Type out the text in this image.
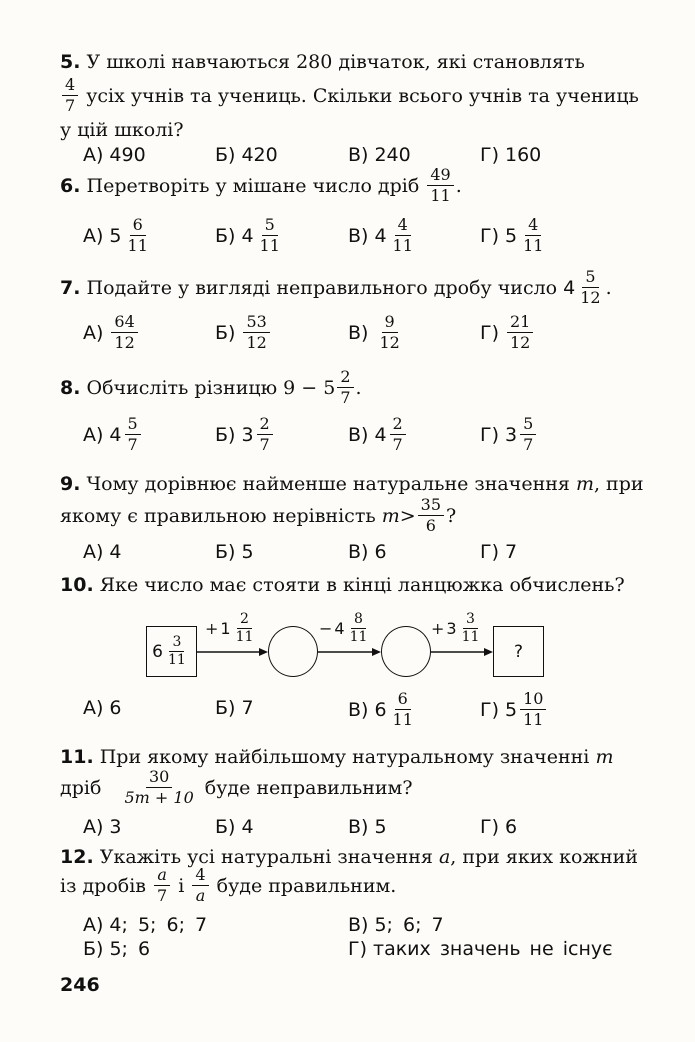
5. У школі навчаються 280 дівчаток, які становлять
$\frac{4}{7}$ усіх учнів та учениць. Скільки всього учнів та учениць
у цій школі?
А) 490	Б) 420	В) 240	Г) 160
6.
Перетворіть у мішане число дріб
$\frac{49}{11}$ .
А) $5 \frac{6}{11}$	Б) $4 \frac{5}{11}$	В) $4 \frac{4}{11}$	Г) $5 \frac{4}{11}$
7.
Подайте у вигляді неправильного дробу число
$4 \frac{5}{12}$ .
$А) \frac{64}{12}$	$Б) \frac{53}{12}$	$В) \frac{9}{12}$	$Г) \frac{21}{12}$
8.
Обчисліть різницю $9 - 5 \frac{2}{7}$ .
А) $4 \frac{5}{7}$	Б) $3 \frac{2}{7}$	В) $4 \frac{2}{7}$	Г) $3 \frac{5}{7}$
9. Чому дорівнює найменше натуральне значення m, при
якому є правильною нерівність
$m > \frac{35}{6}$ ?
А) 4	Б) 5	В) 6	Г) 7
10. Яке число має стояти в кінці ланцюжка обчислень?
$6 \frac{3}{11}$
+ $1 \frac{2}{11}$	− $4 \frac{8}{11}$	+ $3 \frac{3}{11}$
?
А) 6	Б) 7	В) $6 \frac{6}{11}$	Г) $5 \frac{10}{11}$
11. При якому найбільшому натуральному значенні m
дріб
$\frac{30}{5m + 10}$ буде неправильним?
А) 3	Б) 4	В) 5	Г) 6
12. Укажіть усі натуральні значення a, при яких кожний
із дробів
$\frac{a}{7}$
і
$\frac{4}{a}$
буде правильним.
А) 4; 5; 6; 7	В) 5; 6; 7
Б) 5; 6	Г) таких значень не існує
246
